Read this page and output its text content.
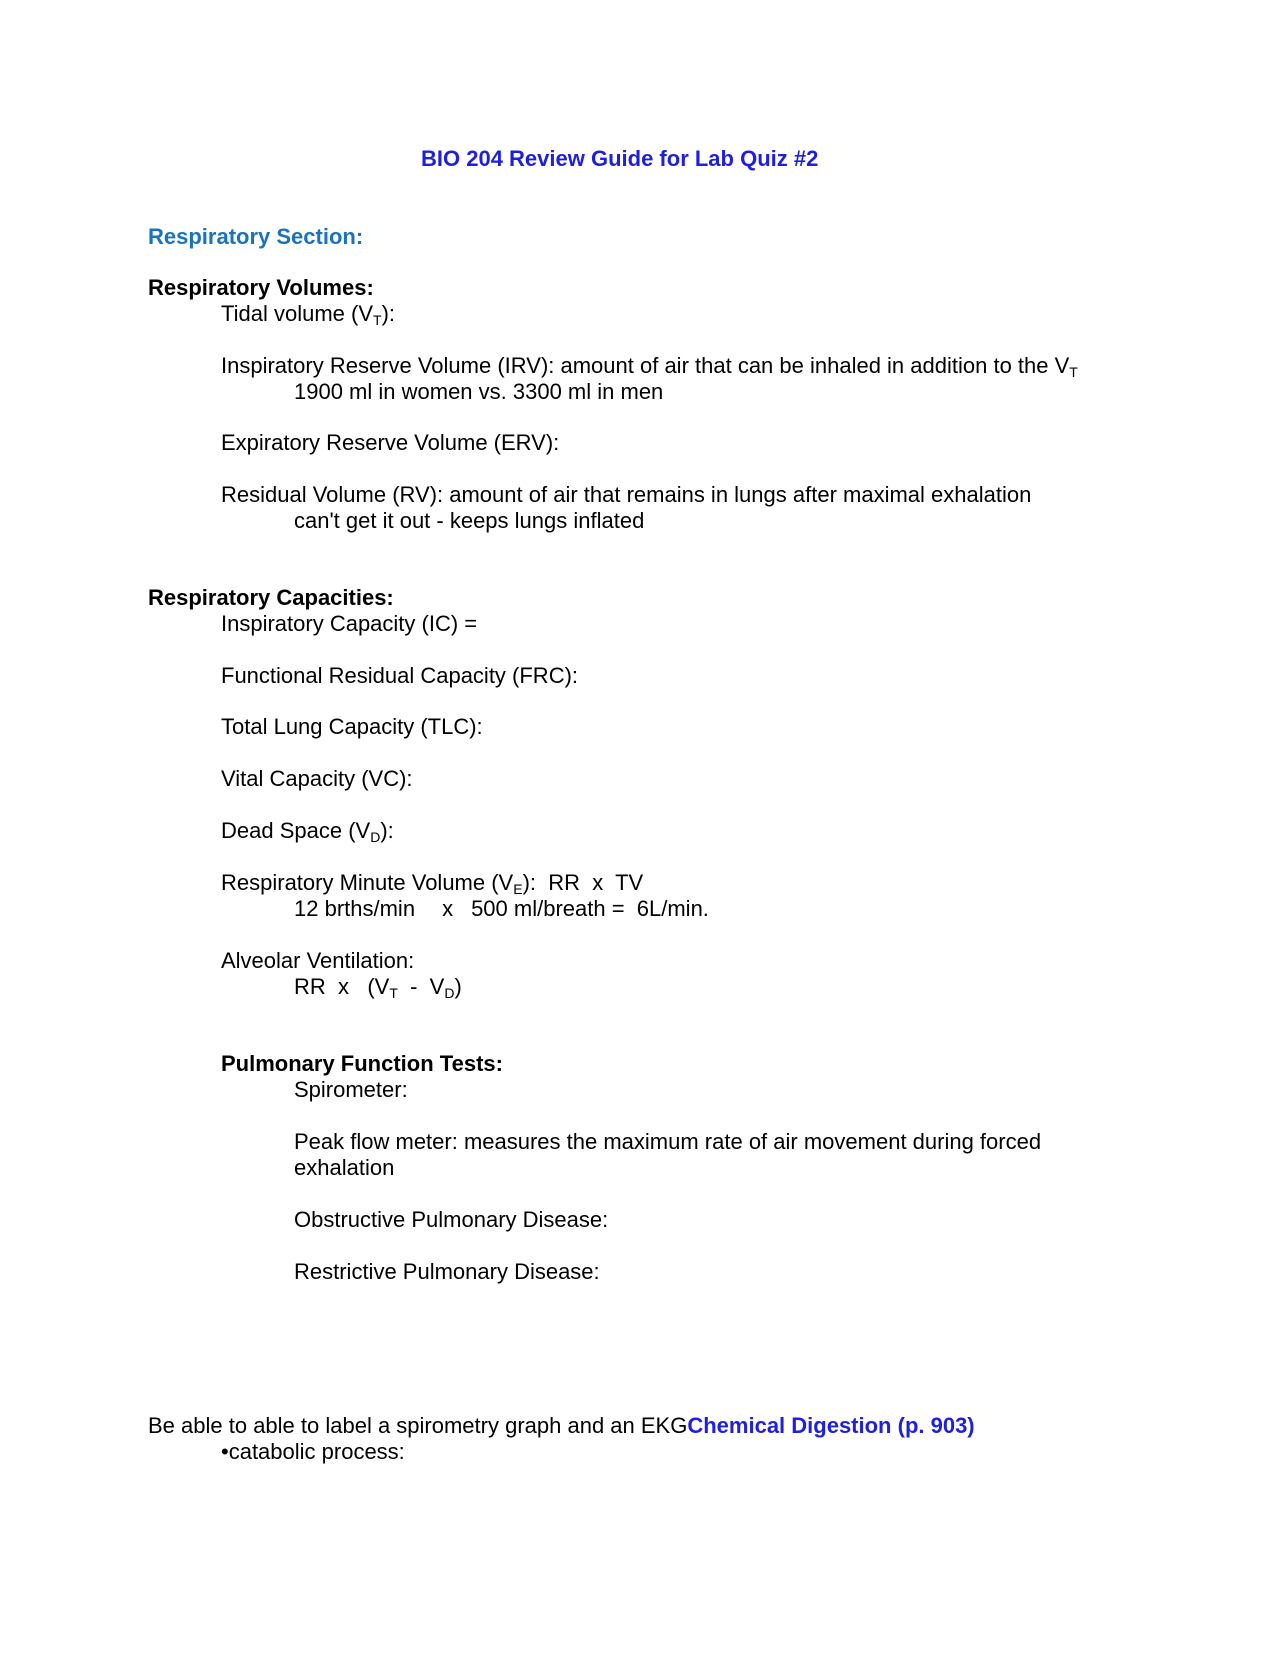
BIO 204 Review Guide for Lab Quiz #2
Respiratory Section:
Respiratory Volumes:
Tidal volume $(V_T)$:
Inspiratory Reserve Volume (IRV): amount of air that can be inhaled in addition to the $V_T$
1900 ml in women vs. 3300 ml in men
Expiratory Reserve Volume (ERV):
Residual Volume (RV): amount of air that remains in lungs after maximal exhalation
can't get it out - keeps lungs inflated
Respiratory Capacities:
Inspiratory Capacity (IC) =
Functional Residual Capacity (FRC):
Total Lung Capacity (TLC):
Vital Capacity (VC):
Dead Space $(V_D)$:
Respiratory Minute Volume $(V_E)$:  RR  x  TV
12 brths/min x 500 ml/breath =  6L/min.
Alveolar Ventilation:
RR  x   $(V_T - V_D)$
Pulmonary Function Tests:
Spirometer:
Peak flow meter: measures the maximum rate of air movement during forced
exhalation
Obstructive Pulmonary Disease:
Restrictive Pulmonary Disease:
Be able to able to label a spirometry graph and an EKGChemical Digestion (p. 903)
•catabolic process:
